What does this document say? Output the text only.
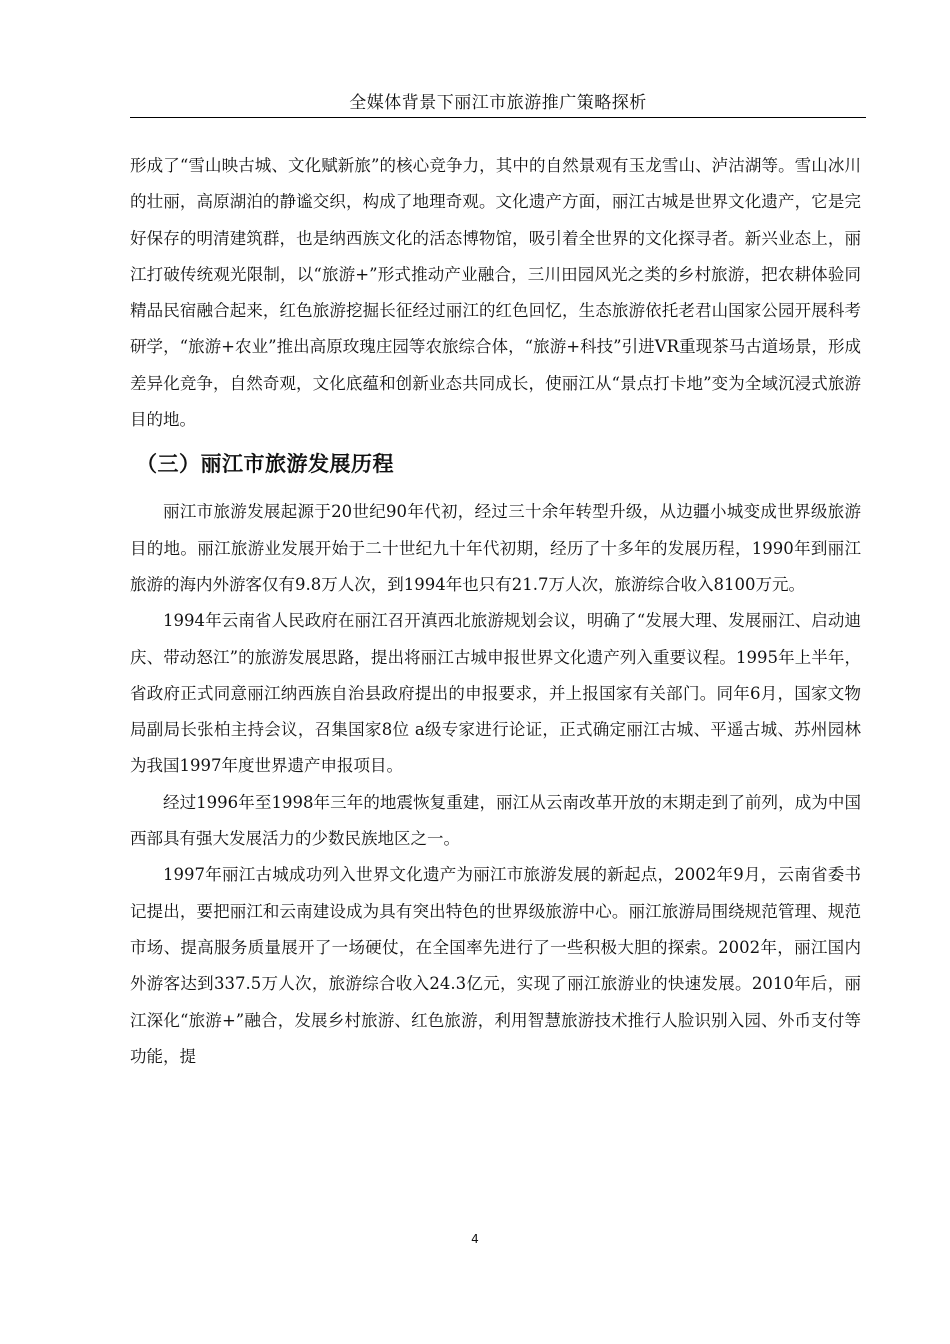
全媒体背景下丽江市旅游推广策略探析

形成了“雪山映古城、文化赋新旅”的核心竞争力，其中的自然景观有玉龙雪山、泸沽湖等。雪山冰川的壮丽，高原湖泊的静谧交织，构成了地理奇观。文化遗产方面，丽江古城是世界文化遗产，它是完好保存的明清建筑群，也是纳西族文化的活态博物馆，吸引着全世界的文化探寻者。新兴业态上，丽江打破传统观光限制，以“旅游+”形式推动产业融合，三川田园风光之类的乡村旅游，把农耕体验同精品民宿融合起来，红色旅游挖掘长征经过丽江的红色回忆，生态旅游依托老君山国家公园开展科考研学，“旅游+农业”推出高原玫瑰庄园等农旅综合体，“旅游+科技”引进VR重现茶马古道场景，形成差异化竞争，自然奇观，文化底蕴和创新业态共同成长，使丽江从“景点打卡地”变为全域沉浸式旅游目的地。

（三）丽江市旅游发展历程

丽江市旅游发展起源于20世纪90年代初，经过三十余年转型升级，从边疆小城变成世界级旅游目的地。丽江旅游业发展开始于二十世纪九十年代初期，经历了十多年的发展历程，1990年到丽江旅游的海内外游客仅有9.8万人次，到1994年也只有21.7万人次，旅游综合收入8100万元。

1994年云南省人民政府在丽江召开滇西北旅游规划会议，明确了“发展大理、发展丽江、启动迪庆、带动怒江”的旅游发展思路，提出将丽江古城申报世界文化遗产列入重要议程。1995年上半年，省政府正式同意丽江纳西族自治县政府提出的申报要求，并上报国家有关部门。同年6月，国家文物局副局长张柏主持会议，召集国家8位 a级专家进行论证，正式确定丽江古城、平遥古城、苏州园林为我国1997年度世界遗产申报项目。

经过1996年至1998年三年的地震恢复重建，丽江从云南改革开放的末期走到了前列，成为中国西部具有强大发展活力的少数民族地区之一。

1997年丽江古城成功列入世界文化遗产为丽江市旅游发展的新起点，2002年9月，云南省委书记提出，要把丽江和云南建设成为具有突出特色的世界级旅游中心。丽江旅游局围绕规范管理、规范市场、提高服务质量展开了一场硬仗，在全国率先进行了一些积极大胆的探索。2002年，丽江国内外游客达到337.5万人次，旅游综合收入24.3亿元，实现了丽江旅游业的快速发展。2010年后，丽江深化“旅游+”融合，发展乡村旅游、红色旅游，利用智慧旅游技术推行人脸识别入园、外币支付等功能，提

4
